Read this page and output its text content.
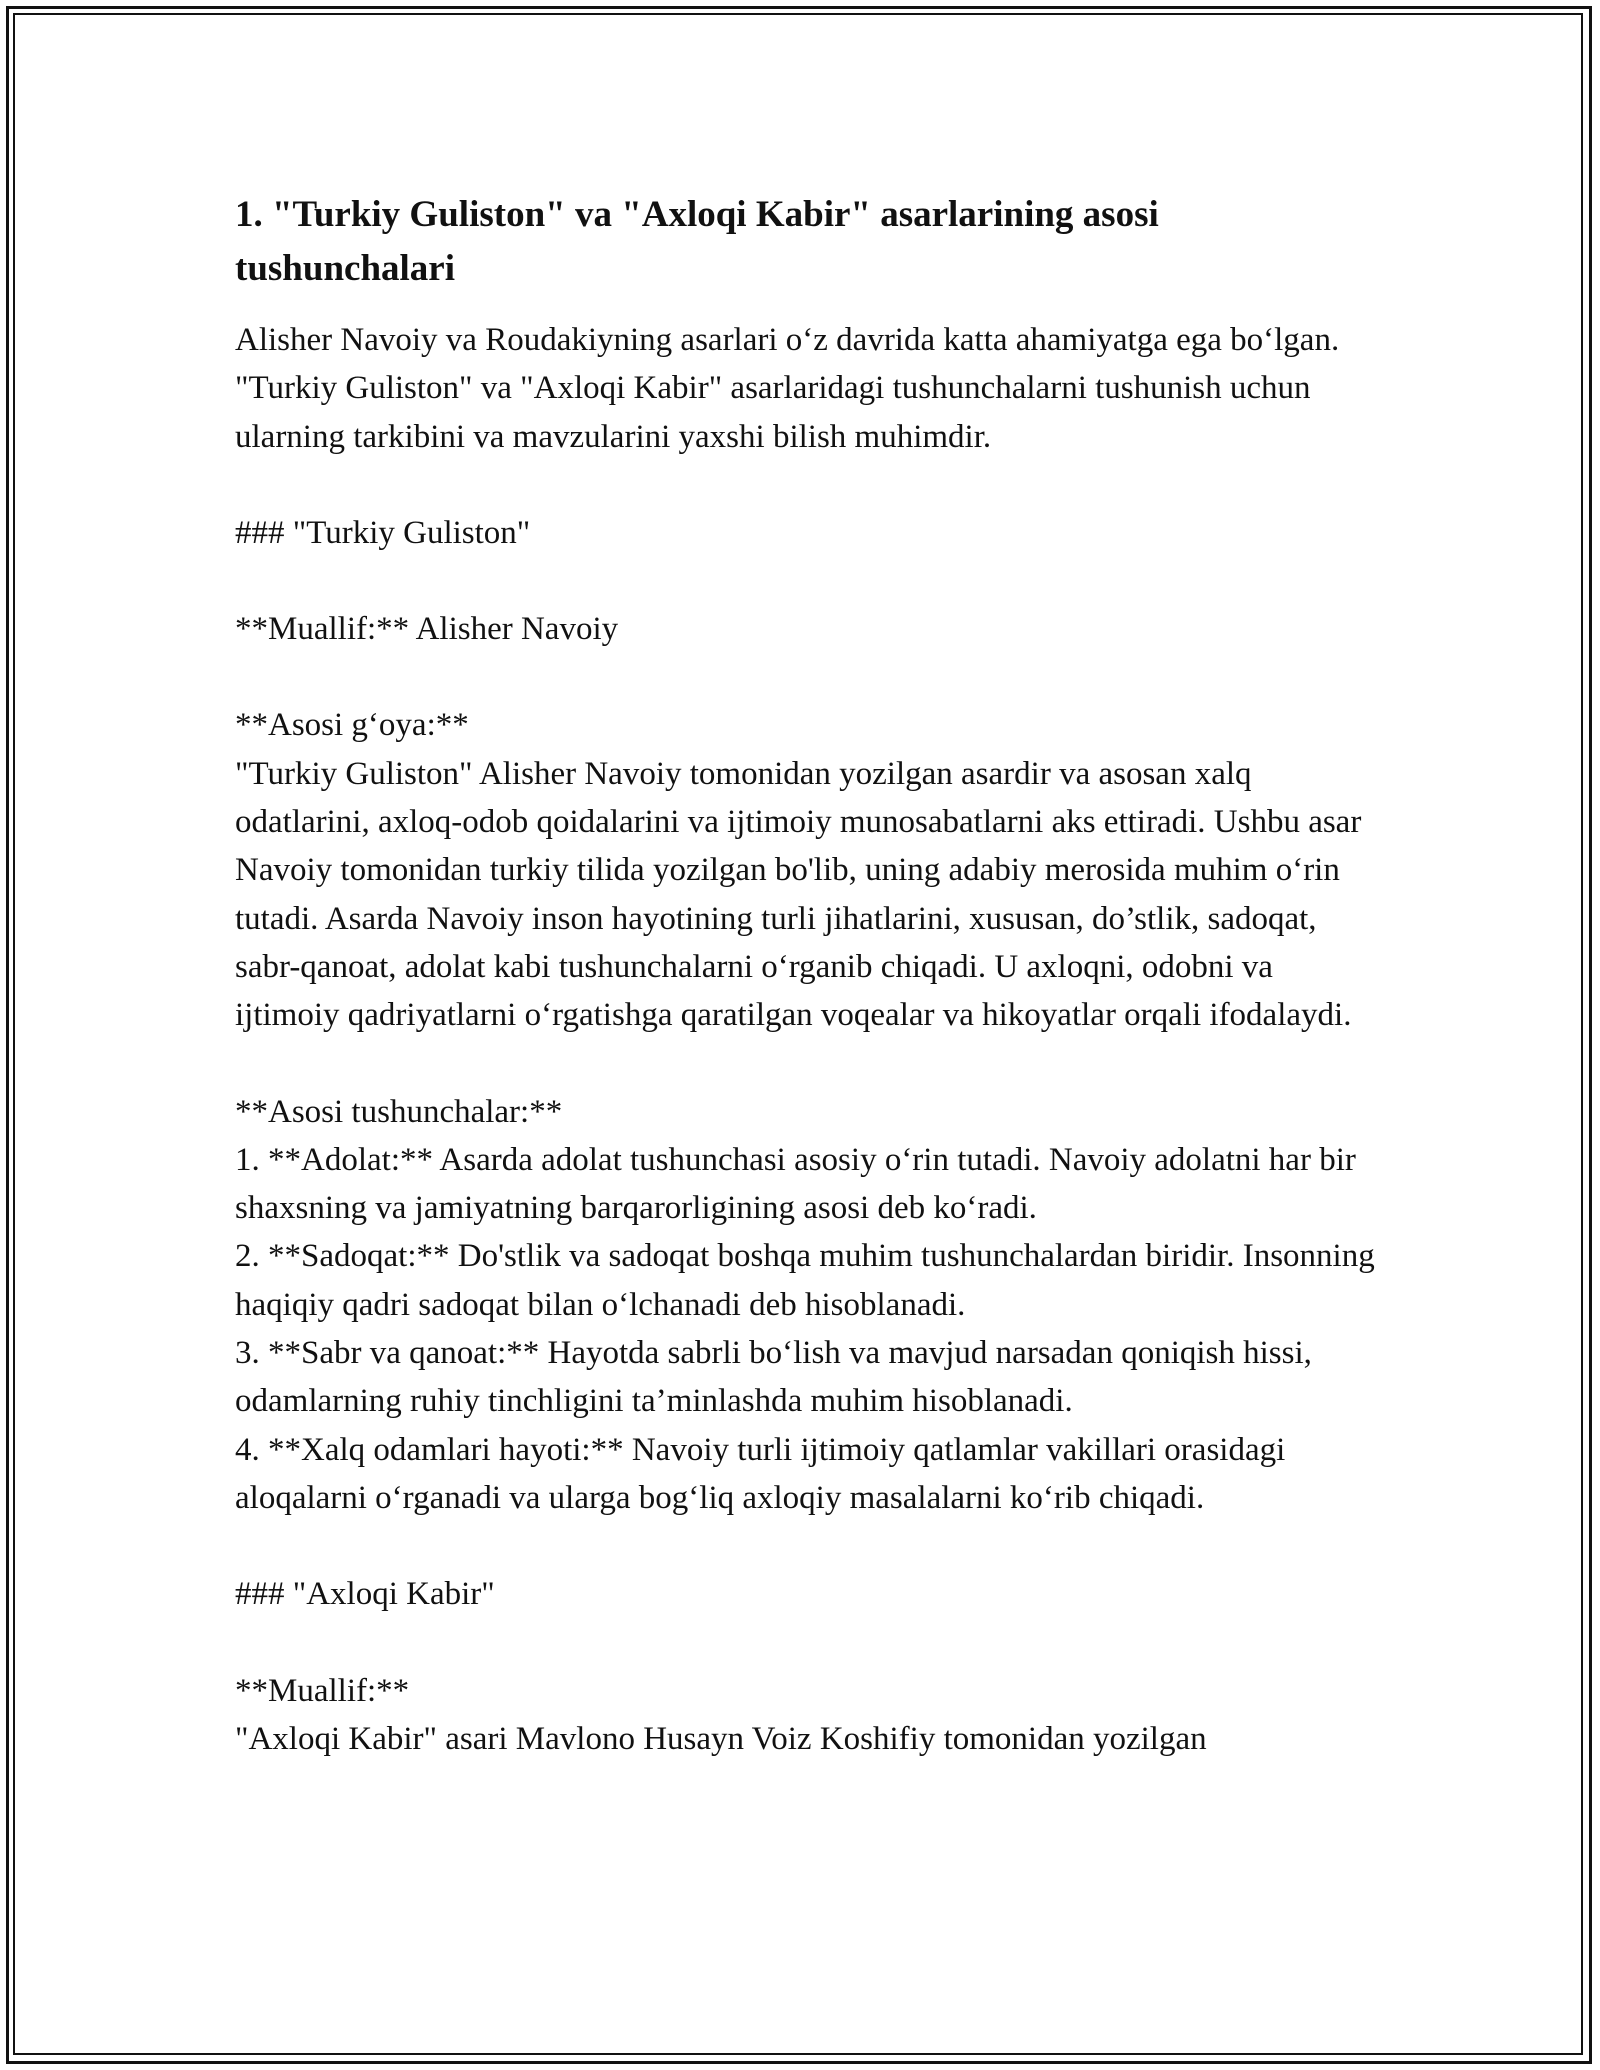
1. "Turkiy Guliston" va "Axloqi Kabir" asarlarining asosi tushunchalari

Alisher Navoiy va Roudakiyning asarlari o‘z davrida katta ahamiyatga ega bo‘lgan. "Turkiy Guliston" va "Axloqi Kabir" asarlaridagi tushunchalarni tushunish uchun ularning tarkibini va mavzularini yaxshi bilish muhimdir.

### "Turkiy Guliston"

**Muallif:** Alisher Navoiy

**Asosi g‘oya:**

"Turkiy Guliston" Alisher Navoiy tomonidan yozilgan asardir va asosan xalq odatlarini, axloq-odob qoidalarini va ijtimoiy munosabatlarni aks ettiradi. Ushbu asar Navoiy tomonidan turkiy tilida yozilgan bo'lib, uning adabiy merosida muhim o‘rin tutadi. Asarda Navoiy inson hayotining turli jihatlarini, xususan, do’stlik, sadoqat, sabr-qanoat, adolat kabi tushunchalarni o‘rganib chiqadi. U axloqni, odobni va ijtimoiy qadriyatlarni o‘rgatishga qaratilgan voqealar va hikoyatlar orqali ifodalaydi.

**Asosi tushunchalar:**

1. **Adolat:** Asarda adolat tushunchasi asosiy o‘rin tutadi. Navoiy adolatni har bir shaxsning va jamiyatning barqarorligining asosi deb ko‘radi.

2. **Sadoqat:** Do'stlik va sadoqat boshqa muhim tushunchalardan biridir. Insonning haqiqiy qadri sadoqat bilan o‘lchanadi deb hisoblanadi.

3. **Sabr va qanoat:** Hayotda sabrli bo‘lish va mavjud narsadan qoniqish hissi, odamlarning ruhiy tinchligini ta’minlashda muhim hisoblanadi.

4. **Xalq odamlari hayoti:** Navoiy turli ijtimoiy qatlamlar vakillari orasidagi aloqalarni o‘rganadi va ularga bog‘liq axloqiy masalalarni ko‘rib chiqadi.

### "Axloqi Kabir"

**Muallif:**

"Axloqi Kabir" asari Mavlono Husayn Voiz Koshifiy tomonidan yozilgan
